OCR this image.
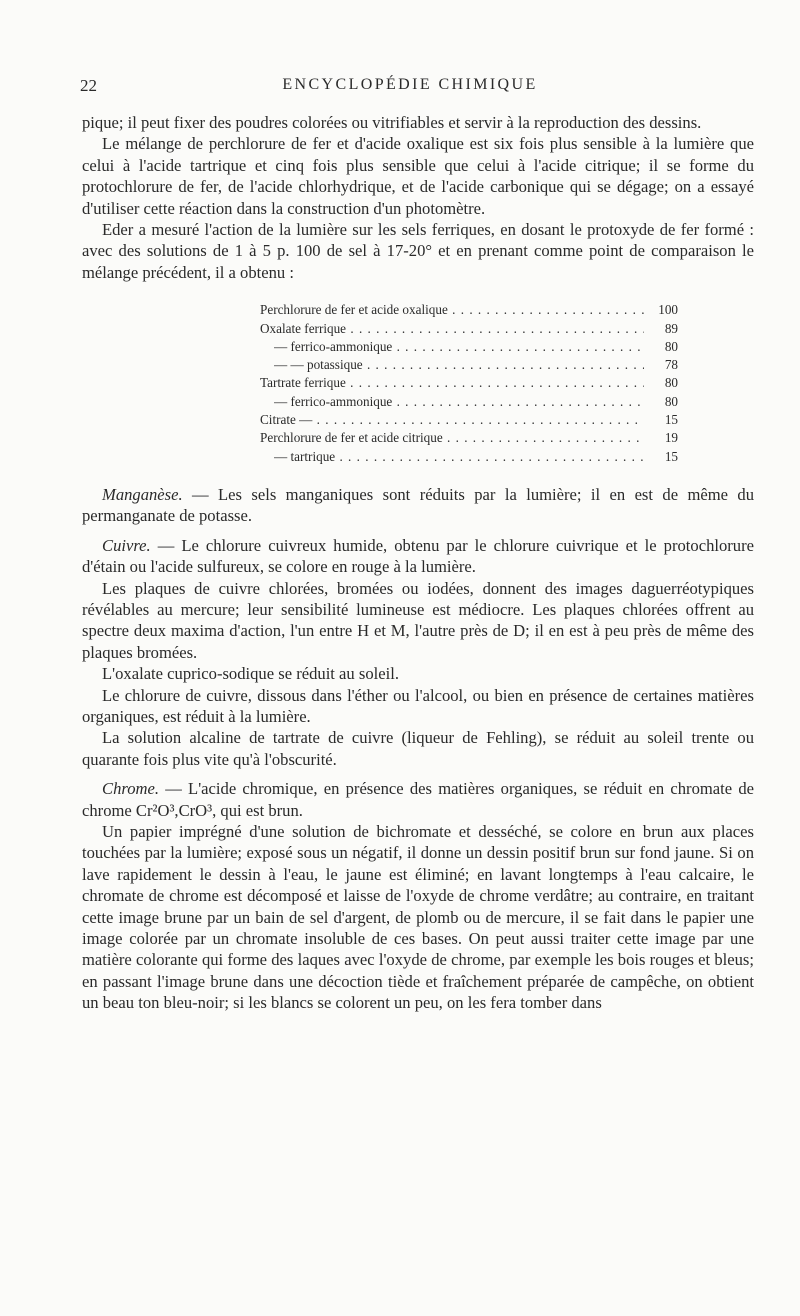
22	ENCYCLOPÉDIE CHIMIQUE

pique; il peut fixer des poudres colorées ou vitrifiables et servir à la reproduction des dessins.

Le mélange de perchlorure de fer et d'acide oxalique est six fois plus sensible à la lumière que celui à l'acide tartrique et cinq fois plus sensible que celui à l'acide citrique; il se forme du protochlorure de fer, de l'acide chlorhydrique, et de l'acide carbonique qui se dégage; on a essayé d'utiliser cette réaction dans la construction d'un photomètre.

Eder a mesuré l'action de la lumière sur les sels ferriques, en dosant le protoxyde de fer formé : avec des solutions de 1 à 5 p. 100 de sel à 17-20° et en prenant comme point de comparaison le mélange précédent, il a obtenu :

Perchlorure de fer et acide oxalique . . .	100
Oxalate ferrique . . .	89
— ferrico-ammonique . . .	80
— — potassique . . .	78
Tartrate ferrique . . .	80
— ferrico-ammonique . . .	80
Citrate — . . .	15
Perchlorure de fer et acide citrique . . .	19
— tartrique . . .	15

Manganèse. — Les sels manganiques sont réduits par la lumière; il en est de même du permanganate de potasse.

Cuivre. — Le chlorure cuivreux humide, obtenu par le chlorure cuivrique et le protochlorure d'étain ou l'acide sulfureux, se colore en rouge à la lumière.

Les plaques de cuivre chlorées, bromées ou iodées, donnent des images daguerréotypiques révélables au mercure; leur sensibilité lumineuse est médiocre. Les plaques chlorées offrent au spectre deux maxima d'action, l'un entre H et M, l'autre près de D; il en est à peu près de même des plaques bromées.

L'oxalate cuprico-sodique se réduit au soleil.

Le chlorure de cuivre, dissous dans l'éther ou l'alcool, ou bien en présence de certaines matières organiques, est réduit à la lumière.

La solution alcaline de tartrate de cuivre (liqueur de Fehling), se réduit au soleil trente ou quarante fois plus vite qu'à l'obscurité.

Chrome. — L'acide chromique, en présence des matières organiques, se réduit en chromate de chrome Cr²O³,CrO³, qui est brun.

Un papier imprégné d'une solution de bichromate et desséché, se colore en brun aux places touchées par la lumière; exposé sous un négatif, il donne un dessin positif brun sur fond jaune. Si on lave rapidement le dessin à l'eau, le jaune est éliminé; en lavant longtemps à l'eau calcaire, le chromate de chrome est décomposé et laisse de l'oxyde de chrome verdâtre; au contraire, en traitant cette image brune par un bain de sel d'argent, de plomb ou de mercure, il se fait dans le papier une image colorée par un chromate insoluble de ces bases. On peut aussi traiter cette image par une matière colorante qui forme des laques avec l'oxyde de chrome, par exemple les bois rouges et bleus; en passant l'image brune dans une décoction tiède et fraîchement préparée de campêche, on obtient un beau ton bleu-noir; si les blancs se colorent un peu, on les fera tomber dans
